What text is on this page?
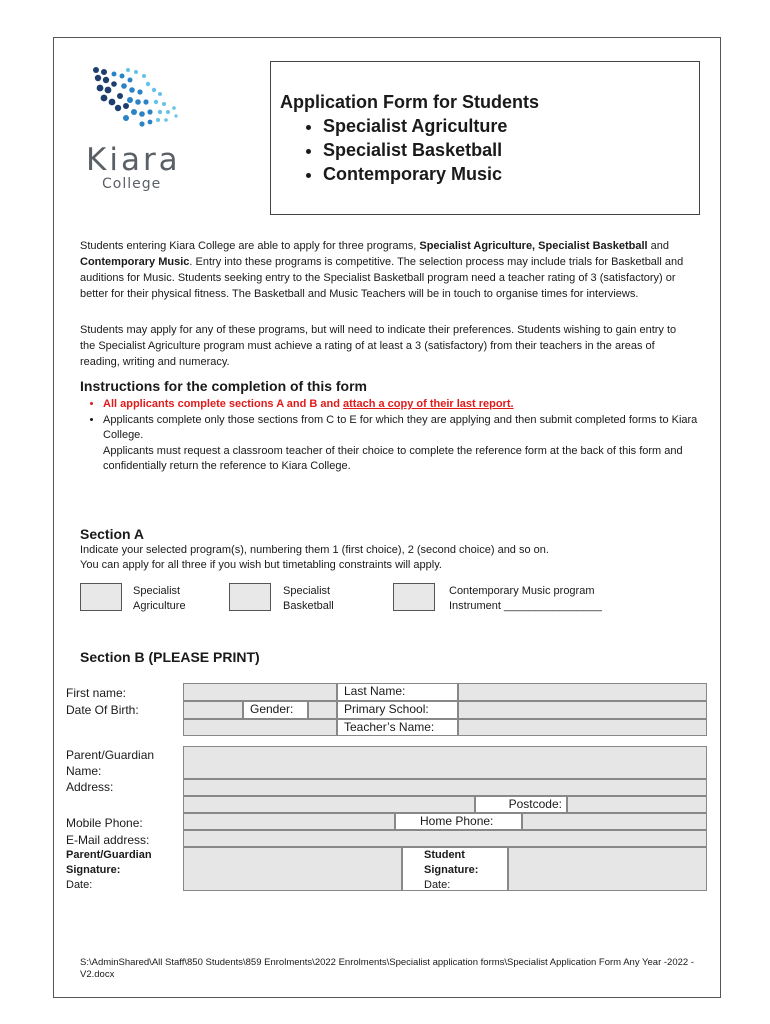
Kiara
College
Application Form for Students
• Specialist Agriculture
• Specialist Basketball
• Contemporary Music

Students entering Kiara College are able to apply for three programs, Specialist Agriculture, Specialist Basketball and Contemporary Music. Entry into these programs is competitive. The selection process may include trials for Basketball and auditions for Music. Students seeking entry to the Specialist Basketball program need a teacher rating of 3 (satisfactory) or better for their physical fitness. The Basketball and Music Teachers will be in touch to organise times for interviews.

Students may apply for any of these programs, but will need to indicate their preferences. Students wishing to gain entry to the Specialist Agriculture program must achieve a rating of at least a 3 (satisfactory) from their teachers in the areas of reading, writing and numeracy.

Instructions for the completion of this form
• All applicants complete sections A and B and attach a copy of their last report.
• Applicants complete only those sections from C to E for which they are applying and then submit completed forms to Kiara College.
Applicants must request a classroom teacher of their choice to complete the reference form at the back of this form and confidentially return the reference to Kiara College.
Section A
Indicate your selected program(s), numbering them 1 (first choice), 2 (second choice) and so on.
You can apply for all three if you wish but timetabling constraints will apply.
Specialist
Agriculture
Specialist
Basketball
Contemporary Music program
Instrument ________________
Section B (PLEASE PRINT)
First name:
Date Of Birth:
Last Name:
Gender:	Primary School:
Teacher’s Name:
Parent/Guardian
Name:
Address:
Postcode:
Mobile Phone:	Home Phone:
E-Mail address:
Parent/Guardian
Signature:
Date:
Student
Signature:
Date:
S:\AdminShared\All Staff\850 Students\859 Enrolments\2022 Enrolments\Specialist application forms\Specialist Application Form Any Year -2022 - V2.docx
